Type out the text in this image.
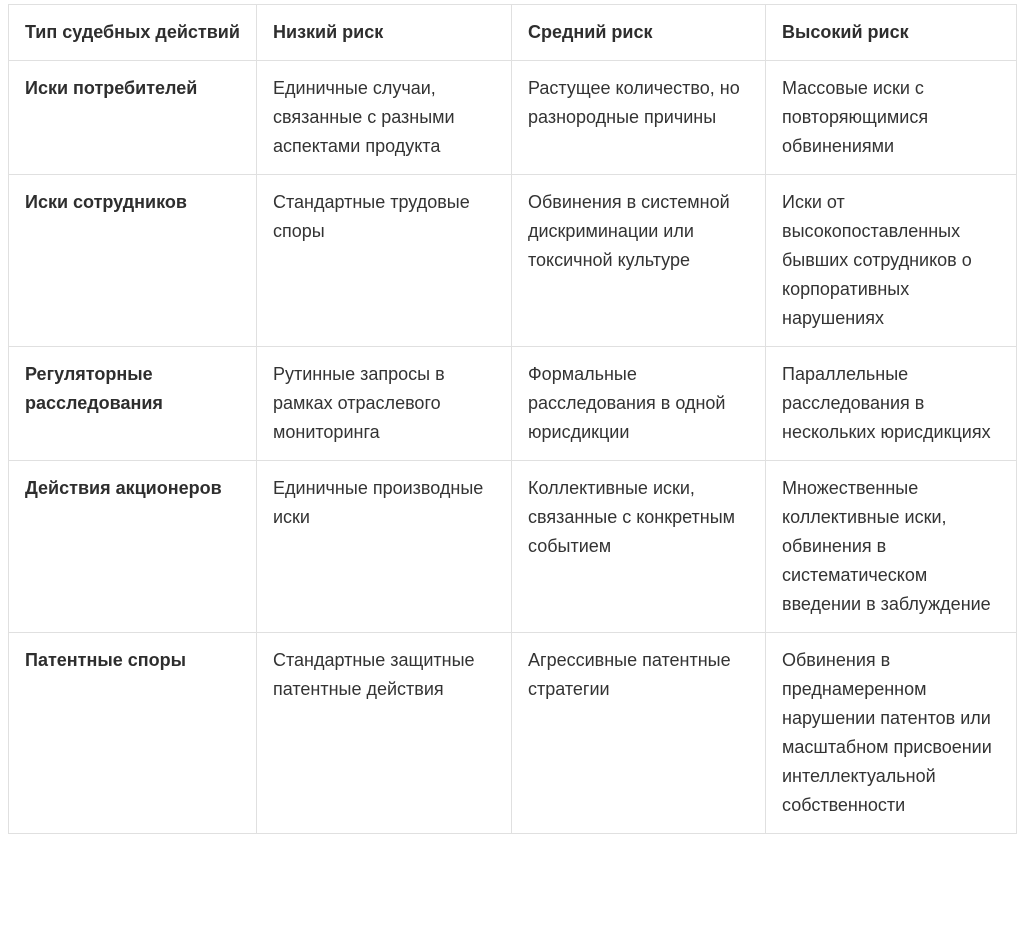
Тип судебных действий	Низкий риск	Средний риск	Высокий риск
Иски потребителей	Единичные случаи, связанные с разными аспектами продукта	Растущее количество, но разнородные причины	Массовые иски с повторяющимися обвинениями
Иски сотрудников	Стандартные трудовые споры	Обвинения в системной дискриминации или токсичной культуре	Иски от высокопоставленных бывших сотрудников о корпоративных нарушениях
Регуляторные расследования	Рутинные запросы в рамках отраслевого мониторинга	Формальные расследования в одной юрисдикции	Параллельные расследования в нескольких юрисдикциях
Действия акционеров	Единичные производные иски	Коллективные иски, связанные с конкретным событием	Множественные коллективные иски, обвинения в систематическом введении в заблуждение
Патентные споры	Стандартные защитные патентные действия	Агрессивные патентные стратегии	Обвинения в преднамеренном нарушении патентов или масштабном присвоении интеллектуальной собственности
